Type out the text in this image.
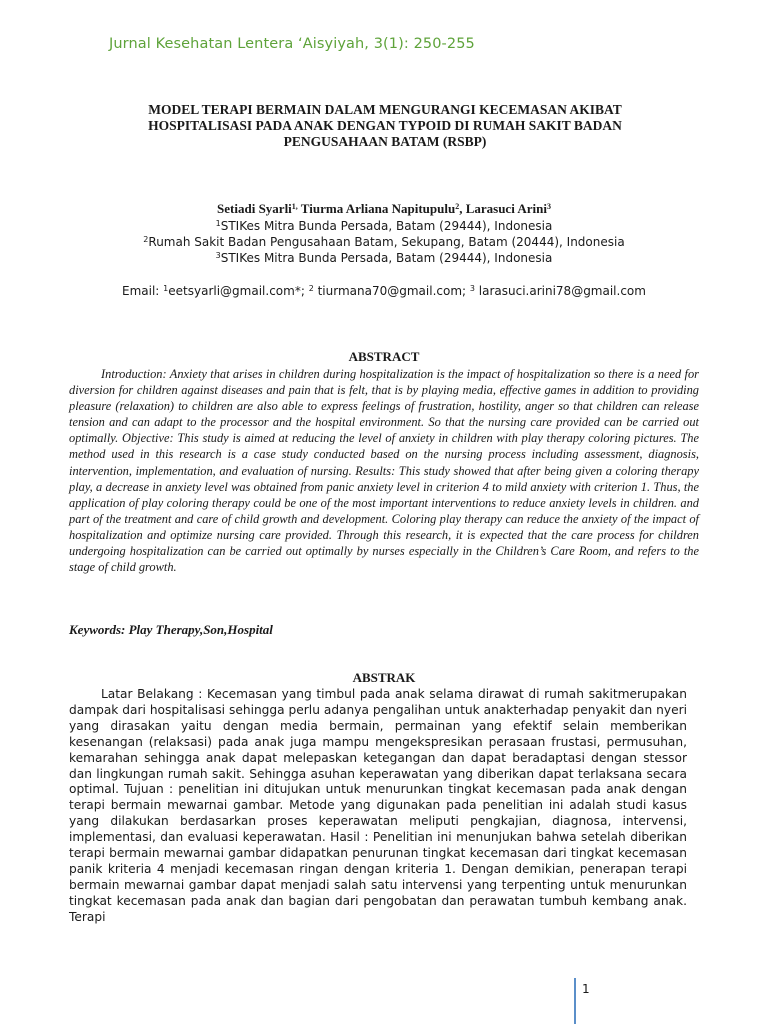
Jurnal Kesehatan Lentera ‘Aisyiyah, 3(1): 250-255
MODEL TERAPI BERMAIN DALAM MENGURANGI KECEMASAN AKIBAT
HOSPITALISASI PADA ANAK DENGAN TYPOID DI RUMAH SAKIT BADAN
PENGUSAHAAN BATAM (RSBP)
Setiadi Syarli$^{1,}$ Tiurma Arliana Napitupulu$^2$, Larasuci Arini$^3$
$^1$STIKes Mitra Bunda Persada, Batam (29444), Indonesia
$^2$Rumah Sakit Badan Pengusahaan Batam, Sekupang, Batam (20444), Indonesia
$^3$STIKes Mitra Bunda Persada, Batam (29444), Indonesia
Email: $^1$eetsyarli@gmail.com*; $^2$ tiurmana70@gmail.com; $^3$ larasuci.arini78@gmail.com
ABSTRACT

Introduction: Anxiety that arises in children during hospitalization is the impact of hospitalization so there is a need for diversion for children against diseases and pain that is felt, that is by playing media, effective games in addition to providing pleasure (relaxation) to children are also able to express feelings of frustration, hostility, anger so that children can release tension and can adapt to the processor and the hospital environment. So that the nursing care provided can be carried out optimally. Objective: This study is aimed at reducing the level of anxiety in children with play therapy coloring pictures. The method used in this research is a case study conducted based on the nursing process including assessment, diagnosis, intervention, implementation, and evaluation of nursing. Results: This study showed that after being given a coloring therapy play, a decrease in anxiety level was obtained from panic anxiety level in criterion 4 to mild anxiety with criterion 1. Thus, the application of play coloring therapy could be one of the most important interventions to reduce anxiety levels in children. and part of the treatment and care of child growth and development. Coloring play therapy can reduce the anxiety of the impact of hospitalization and optimize nursing care provided. Through this research, it is expected that the care process for children undergoing hospitalization can be carried out optimally by nurses especially in the Children’s Care Room, and refers to the stage of child growth.

Keywords: Play Therapy,Son,Hospital
ABSTRAK

Latar Belakang : Kecemasan yang timbul pada anak selama dirawat di rumah sakitmerupakan dampak dari hospitalisasi sehingga perlu adanya pengalihan untuk anakterhadap penyakit dan nyeri yang dirasakan yaitu dengan media bermain, permainan yang efektif selain memberikan kesenangan (relaksasi) pada anak juga mampu mengekspresikan perasaan frustasi, permusuhan, kemarahan sehingga anak dapat melepaskan ketegangan dan dapat beradaptasi dengan stessor dan lingkungan rumah sakit. Sehingga asuhan keperawatan yang diberikan dapat terlaksana secara optimal. Tujuan : penelitian ini ditujukan untuk menurunkan tingkat kecemasan pada anak dengan terapi bermain mewarnai gambar. Metode yang digunakan pada penelitian ini adalah studi kasus yang dilakukan berdasarkan proses keperawatan meliputi pengkajian, diagnosa, intervensi, implementasi, dan evaluasi keperawatan. Hasil : Penelitian ini menunjukan bahwa setelah diberikan terapi bermain mewarnai gambar didapatkan penurunan tingkat kecemasan dari tingkat kecemasan panik kriteria 4 menjadi kecemasan ringan dengan kriteria 1. Dengan demikian, penerapan terapi bermain mewarnai gambar dapat menjadi salah satu intervensi yang terpenting untuk menurunkan tingkat kecemasan pada anak dan bagian dari pengobatan dan perawatan tumbuh kembang anak. Terapi

1
